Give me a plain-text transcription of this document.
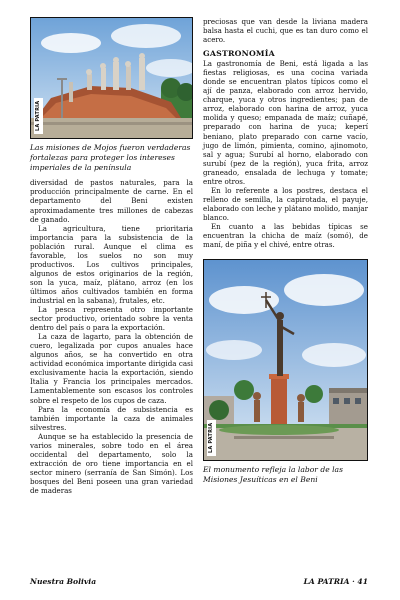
LA PATRIA
Las misiones de Mojos fueron verdaderas fortalezas para proteger los intereses imperiales de la península

diversidad de pastos naturales, para la producción principalmente de carne. En el departamento del Beni existen aproximadamente tres millones de cabezas de ganado.

La agricultura, tiene prioritaria importancia para la subsistencia de la población rural. Aunque el clima es favorable, los suelos no son muy productivos. Los cultivos principales, algunos de estos originarios de la región, son la yuca, maíz, plátano, arroz (en los últimos años cultivados también en forma industrial en la sabana), frutales, etc.

La pesca representa otro importante sector productivo, orientado sobre la venta dentro del país o para la exportación.

La caza de lagarto, para la obtención de cuero, legalizada por cupos anuales hace algunos años, se ha convertido en otra actividad económica importante dirigida casi exclusivamente hacia la exportación, siendo Italia y Francia los principales mercados. Lamentablemente son escasos los controles sobre el respeto de los cupos de caza.

Para la economía de subsistencia es también importante la caza de animales silvestres.

Aunque se ha establecido la presencia de varios minerales, sobre todo en el área occidental del departamento, solo la extracción de oro tiene importancia en el sector minero (serranía de San Simón). Los bosques del Beni poseen una gran variedad de maderas

preciosas que van desde la liviana madera balsa hasta el cuchi, que es tan duro como el acero.

GASTRONOMÍA

La gastronomía de Beni, está ligada a las fiestas religiosas, es una cocina variada donde se encuentran platos típicos como el ají de panza, elaborado con arroz hervido, charque, yuca y otros ingredientes; pan de arroz, elaborado con harina de arroz, yuca molida y queso; empanada de maíz; cuñapé, preparado con harina de yuca; keperí beniano, plato preparado con carne vacío, jugo de limón, pimienta, comino, ajinomoto, sal y agua; Surubí al horno, elaborado con surubí (pez de la región), yuca frita, arroz graneado, ensalada de lechuga y tomate; entre otros.

En lo referente a los postres, destaca el relleno de semilla, la capirotada, el payuje, elaborado con leche y plátano molido, manjar blanco.

En cuanto a las bebidas típicas se encuentran la chicha de maíz (somó), de maní, de piña y el chivé, entre otras.

LA PATRIA
El monumento refleja la labor de las Misiones Jesuíticas en el Beni
Nuestra Bolivia	LA PATRIA · 41
